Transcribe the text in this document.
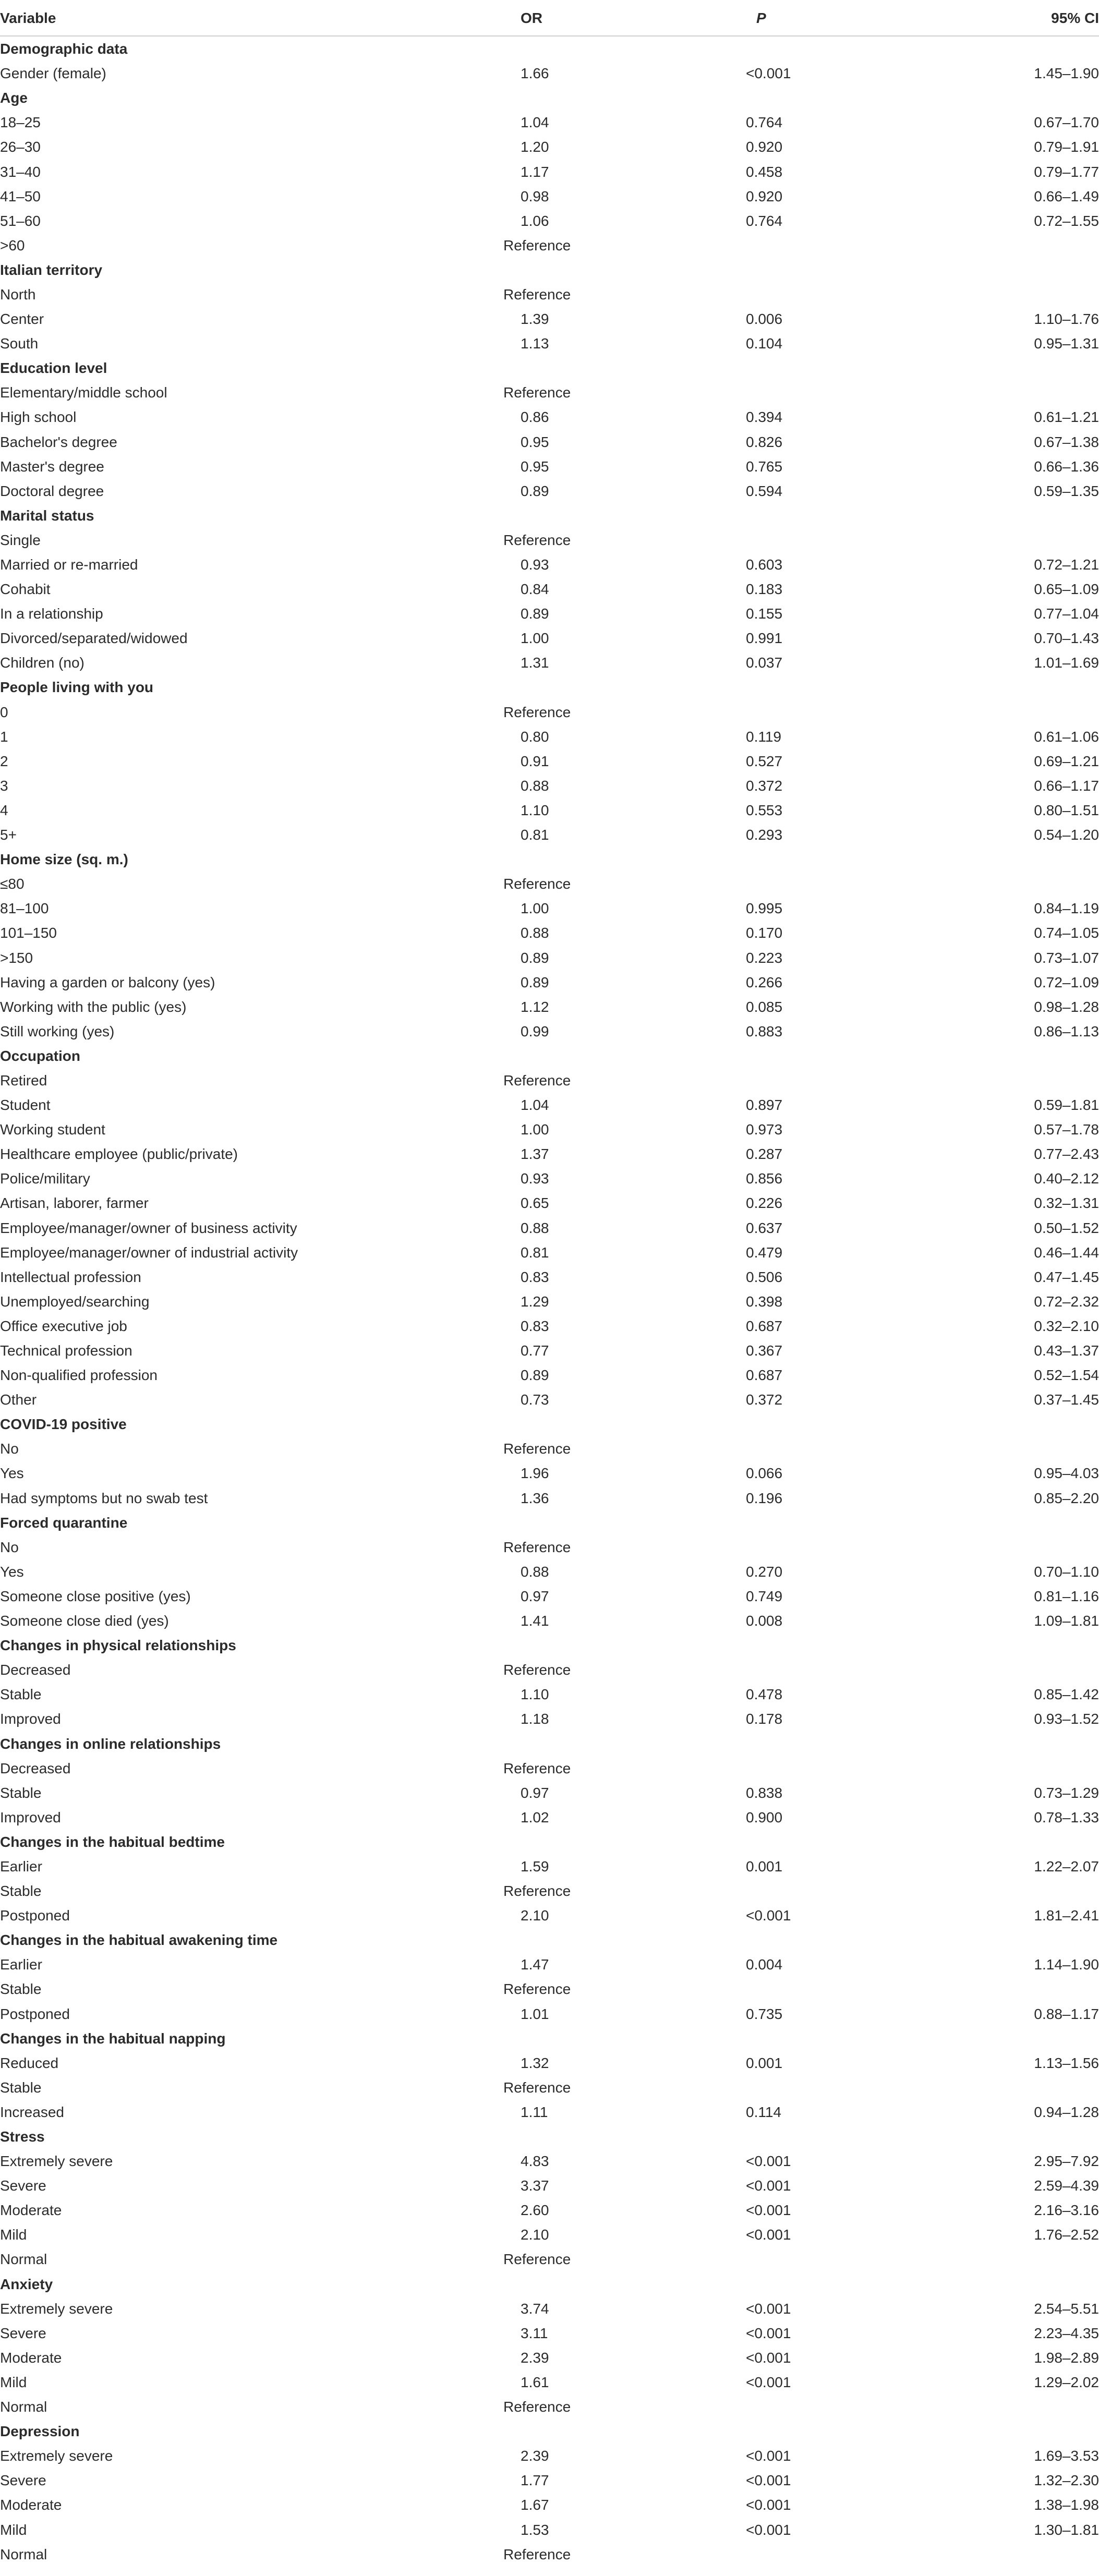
Variable	OR	P	95% CI
Demographic data			
Gender (female)	1.66	<0.001	1.45–1.90
Age			
18–25	1.04	0.764	0.67–1.70
26–30	1.20	0.920	0.79–1.91
31–40	1.17	0.458	0.79–1.77
41–50	0.98	0.920	0.66–1.49
51–60	1.06	0.764	0.72–1.55
>60	Reference		
Italian territory			
North	Reference		
Center	1.39	0.006	1.10–1.76
South	1.13	0.104	0.95–1.31
Education level			
Elementary/middle school	Reference		
High school	0.86	0.394	0.61–1.21
Bachelor's degree	0.95	0.826	0.67–1.38
Master's degree	0.95	0.765	0.66–1.36
Doctoral degree	0.89	0.594	0.59–1.35
Marital status			
Single	Reference		
Married or re-married	0.93	0.603	0.72–1.21
Cohabit	0.84	0.183	0.65–1.09
In a relationship	0.89	0.155	0.77–1.04
Divorced/separated/widowed	1.00	0.991	0.70–1.43
Children (no)	1.31	0.037	1.01–1.69
People living with you			
0	Reference		
1	0.80	0.119	0.61–1.06
2	0.91	0.527	0.69–1.21
3	0.88	0.372	0.66–1.17
4	1.10	0.553	0.80–1.51
5+	0.81	0.293	0.54–1.20
Home size (sq. m.)			
≤80	Reference		
81–100	1.00	0.995	0.84–1.19
101–150	0.88	0.170	0.74–1.05
>150	0.89	0.223	0.73–1.07
Having a garden or balcony (yes)	0.89	0.266	0.72–1.09
Working with the public (yes)	1.12	0.085	0.98–1.28
Still working (yes)	0.99	0.883	0.86–1.13
Occupation			
Retired	Reference		
Student	1.04	0.897	0.59–1.81
Working student	1.00	0.973	0.57–1.78
Healthcare employee (public/private)	1.37	0.287	0.77–2.43
Police/military	0.93	0.856	0.40–2.12
Artisan, laborer, farmer	0.65	0.226	0.32–1.31
Employee/manager/owner of business activity	0.88	0.637	0.50–1.52
Employee/manager/owner of industrial activity	0.81	0.479	0.46–1.44
Intellectual profession	0.83	0.506	0.47–1.45
Unemployed/searching	1.29	0.398	0.72–2.32
Office executive job	0.83	0.687	0.32–2.10
Technical profession	0.77	0.367	0.43–1.37
Non-qualified profession	0.89	0.687	0.52–1.54
Other	0.73	0.372	0.37–1.45
COVID-19 positive			
No	Reference		
Yes	1.96	0.066	0.95–4.03
Had symptoms but no swab test	1.36	0.196	0.85–2.20
Forced quarantine			
No	Reference		
Yes	0.88	0.270	0.70–1.10
Someone close positive (yes)	0.97	0.749	0.81–1.16
Someone close died (yes)	1.41	0.008	1.09–1.81
Changes in physical relationships			
Decreased	Reference		
Stable	1.10	0.478	0.85–1.42
Improved	1.18	0.178	0.93–1.52
Changes in online relationships			
Decreased	Reference		
Stable	0.97	0.838	0.73–1.29
Improved	1.02	0.900	0.78–1.33
Changes in the habitual bedtime			
Earlier	1.59	0.001	1.22–2.07
Stable	Reference		
Postponed	2.10	<0.001	1.81–2.41
Changes in the habitual awakening time			
Earlier	1.47	0.004	1.14–1.90
Stable	Reference		
Postponed	1.01	0.735	0.88–1.17
Changes in the habitual napping			
Reduced	1.32	0.001	1.13–1.56
Stable	Reference		
Increased	1.11	0.114	0.94–1.28
Stress			
Extremely severe	4.83	<0.001	2.95–7.92
Severe	3.37	<0.001	2.59–4.39
Moderate	2.60	<0.001	2.16–3.16
Mild	2.10	<0.001	1.76–2.52
Normal	Reference		
Anxiety			
Extremely severe	3.74	<0.001	2.54–5.51
Severe	3.11	<0.001	2.23–4.35
Moderate	2.39	<0.001	1.98–2.89
Mild	1.61	<0.001	1.29–2.02
Normal	Reference		
Depression			
Extremely severe	2.39	<0.001	1.69–3.53
Severe	1.77	<0.001	1.32–2.30
Moderate	1.67	<0.001	1.38–1.98
Mild	1.53	<0.001	1.30–1.81
Normal	Reference		
